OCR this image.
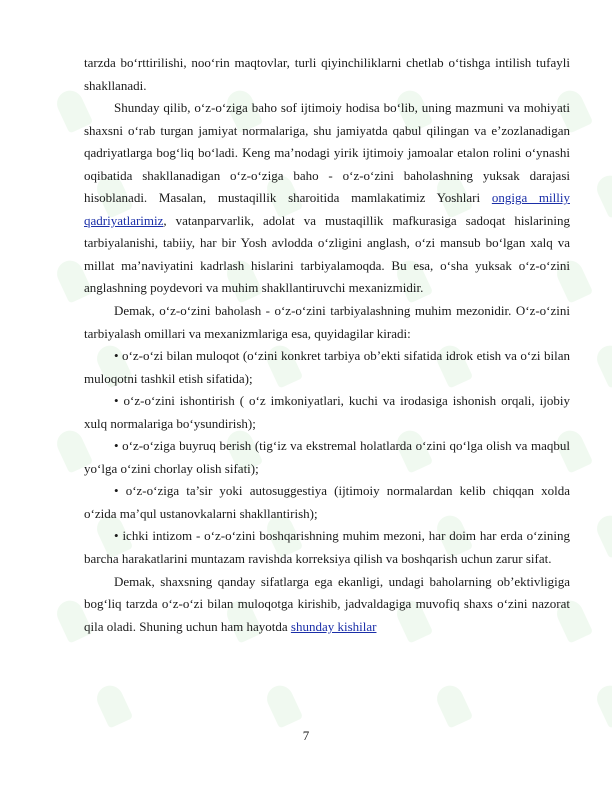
tarzda bo‘rttirilishi, noo‘rin maqtovlar, turli qiyinchiliklarni chetlab o‘tishga intilish tufayli shakllanadi.

Shunday qilib, o‘z-o‘ziga baho sof ijtimoiy hodisa bo‘lib, uning mazmuni va mohiyati shaxsni o‘rab turgan jamiyat normalariga, shu jamiyatda qabul qilingan va e’zozlanadigan qadriyatlarga bog‘liq bo‘ladi. Keng ma’nodagi yirik ijtimoiy jamoalar etalon rolini o‘ynashi oqibatida shakllanadigan o‘z-o‘ziga baho - o‘z-o‘zini baholashning yuksak darajasi hisoblanadi. Masalan, mustaqillik sharoitida mamlakatimiz Yoshlari ongiga milliy qadriyatlarimiz, vatanparvarlik, adolat va mustaqillik mafkurasiga sadoqat hislarining tarbiyalanishi, tabiiy, har bir Yosh avlodda o‘zligini anglash, o‘zi mansub bo‘lgan xalq va millat ma’naviyatini kadrlash hislarini tarbiyalamoqda. Bu esa, o‘sha yuksak o‘z-o‘zini anglashning poydevori va muhim shakllantiruvchi mexanizmidir.

Demak, o‘z-o‘zini baholash - o‘z-o‘zini tarbiyalashning muhim mezonidir. O‘z-o‘zini tarbiyalash omillari va mexanizmlariga esa, quyidagilar kiradi:

• o‘z-o‘zi bilan muloqot (o‘zini konkret tarbiya ob’ekti sifatida idrok etish va o‘zi bilan muloqotni tashkil etish sifatida);

• o‘z-o‘zini ishontirish ( o‘z imkoniyatlari, kuchi va irodasiga ishonish orqali, ijobiy xulq normalariga bo‘ysundirish);

• o‘z-o‘ziga buyruq berish (tig‘iz va ekstremal holatlarda o‘zini qo‘lga olish va maqbul yo‘lga o‘zini chorlay olish sifati);

• o‘z-o‘ziga ta’sir yoki autosuggestiya (ijtimoiy normalardan kelib chiqqan xolda o‘zida ma’qul ustanovkalarni shakllantirish);

• ichki intizom - o‘z-o‘zini boshqarishning muhim mezoni, har doim har erda o‘zining barcha harakatlarini muntazam ravishda korreksiya qilish va boshqarish uchun zarur sifat.

Demak, shaxsning qanday sifatlarga ega ekanligi, undagi baholarning ob’ektivligiga bog‘liq tarzda o‘z-o‘zi bilan muloqotga kirishib, jadvaldagiga muvofiq shaxs o‘zini nazorat qila oladi. Shuning uchun ham hayotda shunday kishilar

7
